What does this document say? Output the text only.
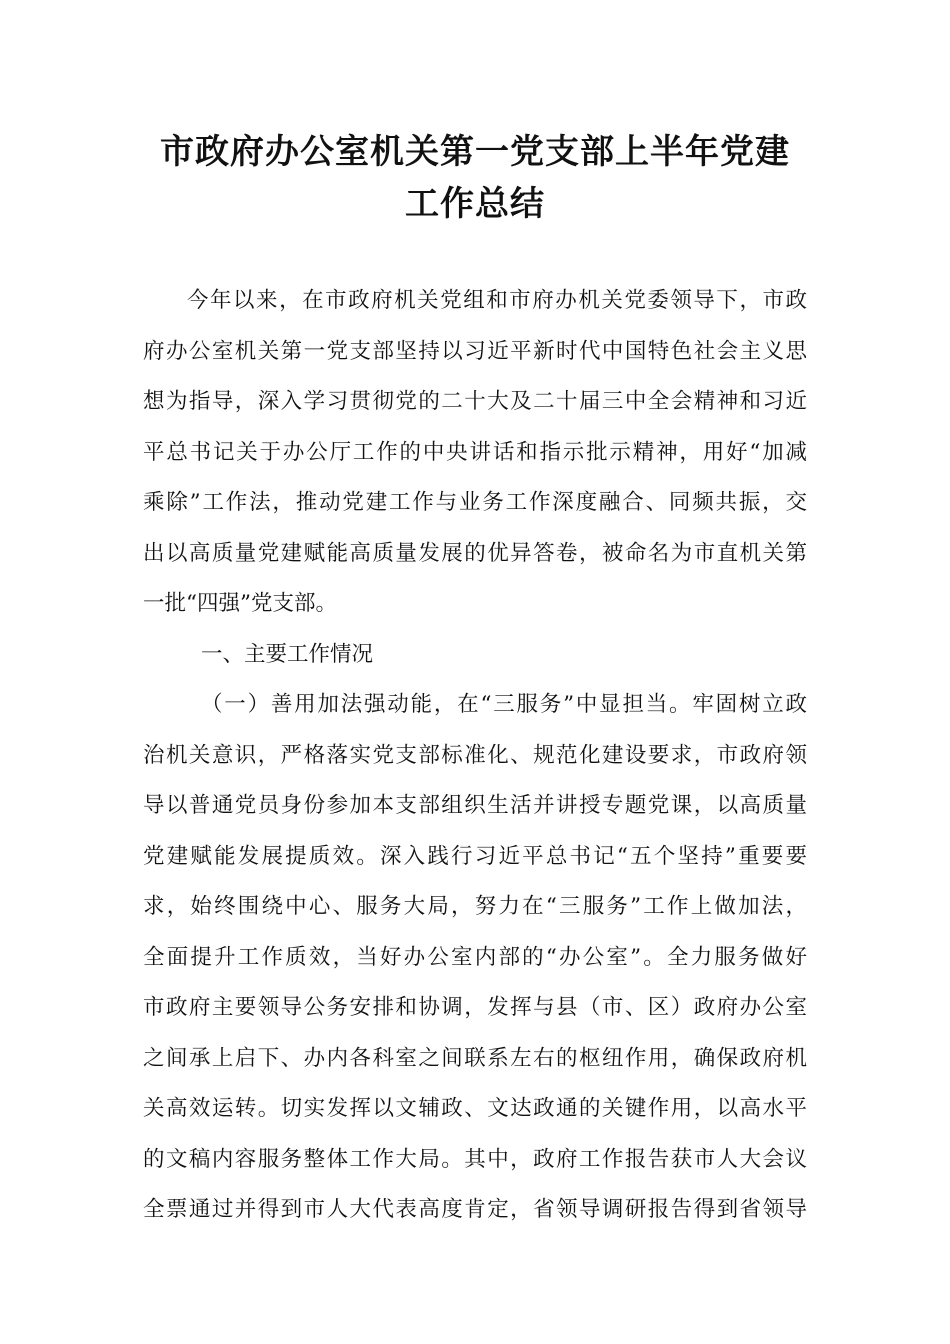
市政府办公室机关第一党支部上半年党建
工作总结
今年以来，在市政府机关党组和市府办机关党委领导下，市政
府办公室机关第一党支部坚持以习近平新时代中国特色社会主义思
想为指导，深入学习贯彻党的二十大及二十届三中全会精神和习近
平总书记关于办公厅工作的中央讲话和指示批示精神，用好“加减
乘除”工作法，推动党建工作与业务工作深度融合、同频共振，交
出以高质量党建赋能高质量发展的优异答卷，被命名为市直机关第
一批“四强”党支部。
一、主要工作情况
（一）善用加法强动能，在“三服务”中显担当。牢固树立政
治机关意识，严格落实党支部标准化、规范化建设要求，市政府领
导以普通党员身份参加本支部组织生活并讲授专题党课，以高质量
党建赋能发展提质效。深入践行习近平总书记“五个坚持”重要要
求，始终围绕中心、服务大局，努力在“三服务”工作上做加法，
全面提升工作质效，当好办公室内部的“办公室”。全力服务做好
市政府主要领导公务安排和协调，发挥与县（市、区）政府办公室
之间承上启下、办内各科室之间联系左右的枢纽作用，确保政府机
关高效运转。切实发挥以文辅政、文达政通的关键作用，以高水平
的文稿内容服务整体工作大局。其中，政府工作报告获市人大会议
全票通过并得到市人大代表高度肯定，省领导调研报告得到省领导
